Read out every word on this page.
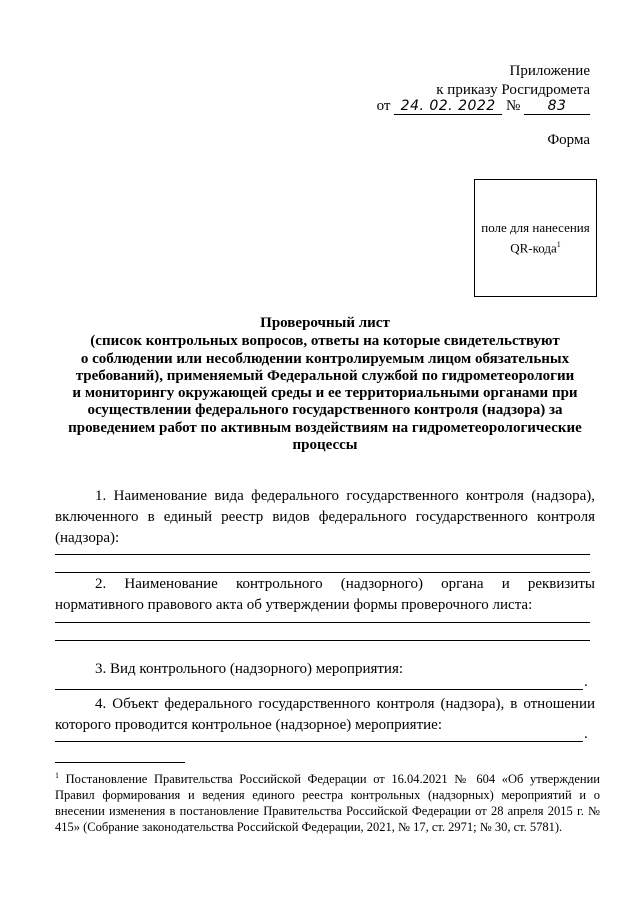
Приложение
к приказу Росгидромета
от 24. 02. 2022 № 83
Форма
поле для нанесения
QR-кода$^1$
Проверочный лист
(список контрольных вопросов, ответы на которые свидетельствуют
о соблюдении или несоблюдении контролируемым лицом обязательных
требований), применяемый Федеральной службой по гидрометеорологии
и мониторингу окружающей среды и ее территориальными органами при
осуществлении федерального государственного контроля (надзора) за
проведением работ по активным воздействиям на гидрометеорологические
процессы
1. Наименование вида федерального государственного контроля (надзора), включенного в единый реестр видов федерального государственного контроля (надзора):
2. Наименование контрольного (надзорного) органа и реквизиты нормативного правового акта об утверждении формы проверочного листа:
3. Вид контрольного (надзорного) мероприятия:
.
4. Объект федерального государственного контроля (надзора), в отношении которого проводится контрольное (надзорное) мероприятие:
.
$^1$ Постановление Правительства Российской Федерации от 16.04.2021 № 604 «Об утверждении Правил формирования и ведения единого реестра контрольных (надзорных) мероприятий и о внесении изменения в постановление Правительства Российской Федерации от 28 апреля 2015 г. № 415» (Собрание законодательства Российской Федерации, 2021, № 17, ст. 2971; № 30, ст. 5781).
